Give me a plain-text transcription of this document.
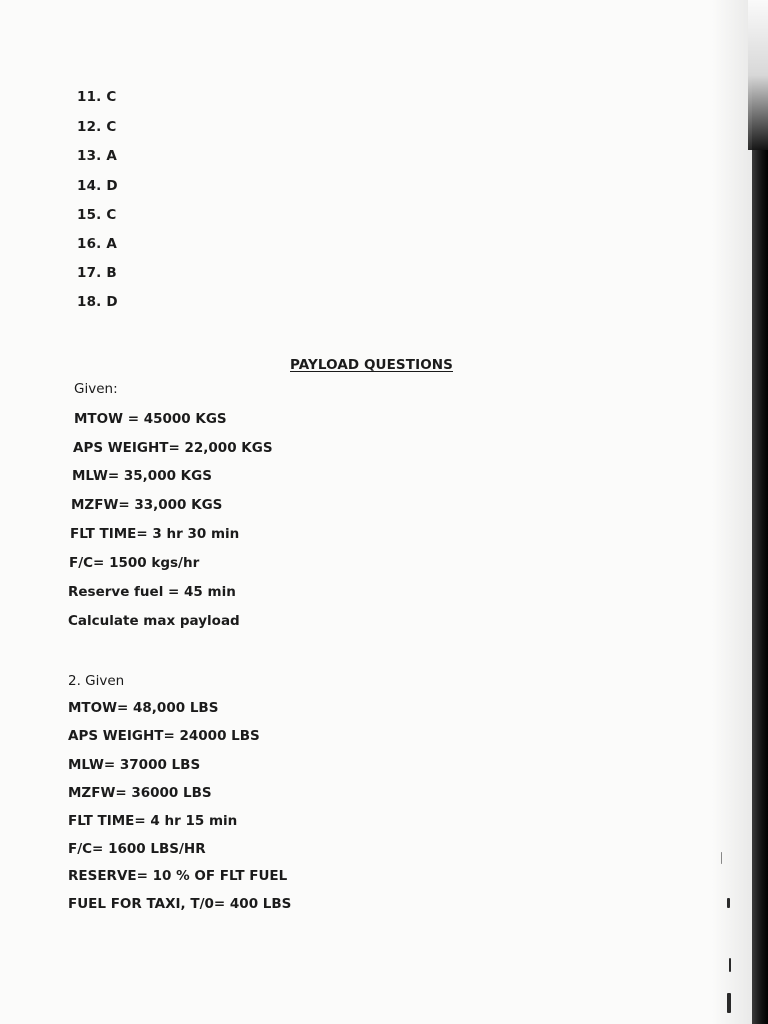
11. C
12. C
13. A
14. D
15. C
16. A
17. B
18. D
PAYLOAD QUESTIONS
Given:
MTOW = 45000 KGS
APS WEIGHT= 22,000 KGS
MLW= 35,000 KGS
MZFW= 33,000 KGS
FLT TIME= 3 hr 30 min
F/C= 1500 kgs/hr
Reserve fuel = 45 min
Calculate max payload
2. Given
MTOW= 48,000 LBS
APS WEIGHT= 24000 LBS
MLW= 37000 LBS
MZFW= 36000 LBS
FLT TIME= 4 hr 15 min
F/C= 1600 LBS/HR
RESERVE= 10 % OF FLT FUEL
FUEL FOR TAXI, T/0= 400 LBS
